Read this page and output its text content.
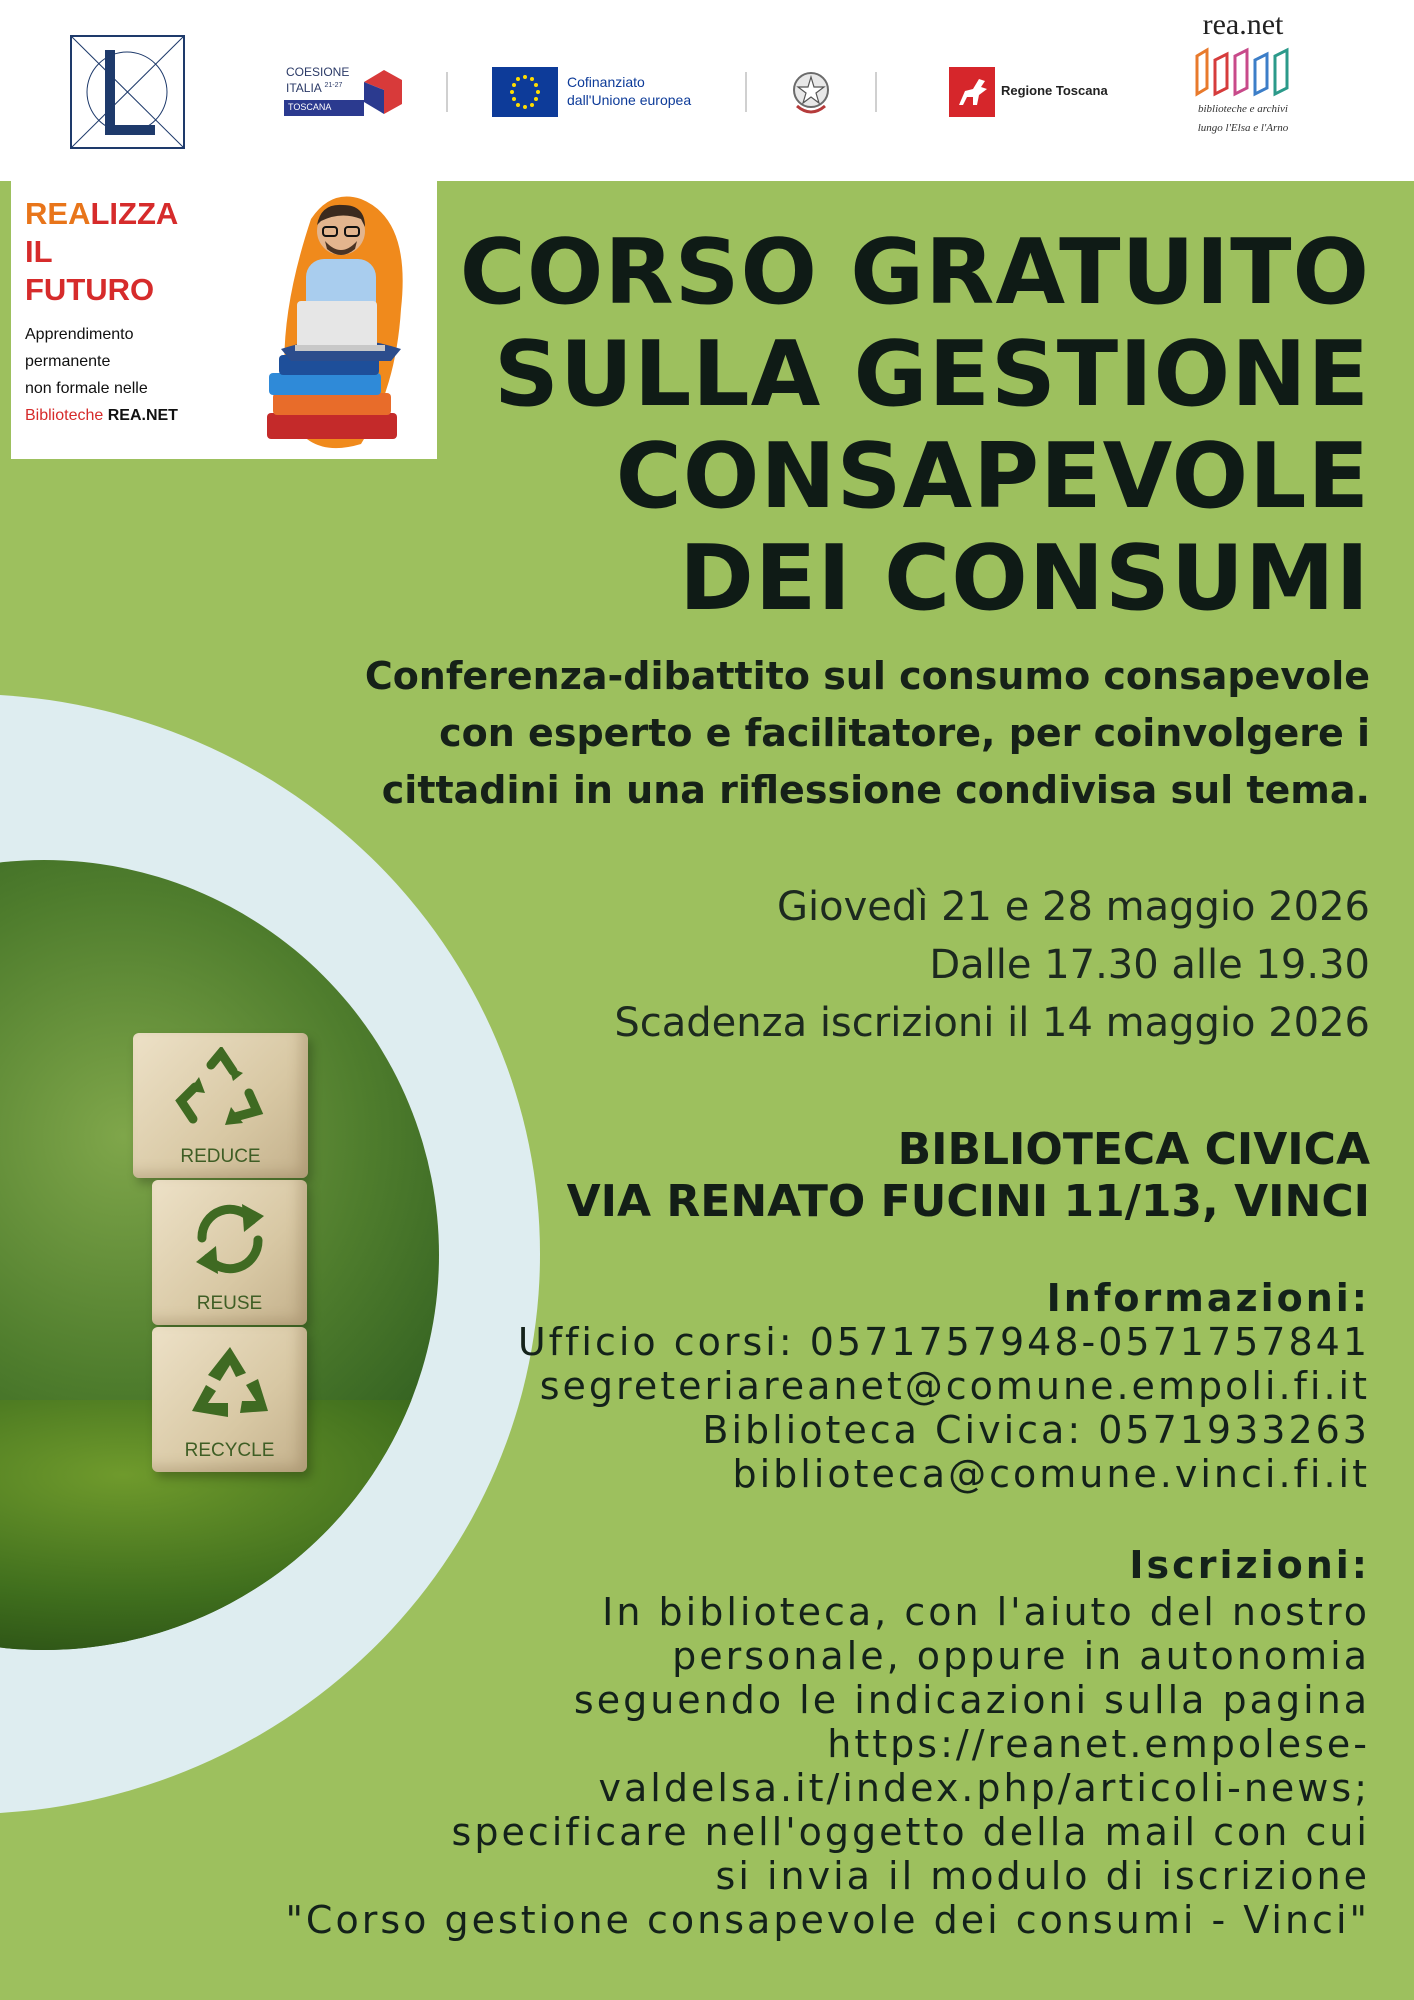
COESIONE
ITALIA $^{21-27}$
TOSCANA
Cofinanziato
dall'Unione europea
Regione Toscana
rea.net
biblioteche e archivi
lungo l'Elsa e l'Arno
REALIZZA
IL
FUTURO
Apprendimento
permanente
non formale nelle
Biblioteche REA.NET
REDUCE
REUSE
RECYCLE
CORSO GRATUITO
SULLA GESTIONE
CONSAPEVOLE
DEI CONSUMI
Conferenza-dibattito sul consumo consapevole
con esperto e facilitatore, per coinvolgere i
cittadini in una riflessione condivisa sul tema.
Giovedì 21 e 28 maggio 2026
Dalle 17.30 alle 19.30
Scadenza iscrizioni il 14 maggio 2026
BIBLIOTECA CIVICA
VIA RENATO FUCINI 11/13, VINCI
Informazioni:
Ufficio corsi: 0571757948-0571757841
segreteriareanet@comune.empoli.fi.it
Biblioteca Civica: 0571933263
biblioteca@comune.vinci.fi.it
Iscrizioni:
In biblioteca, con l'aiuto del nostro
personale, oppure in autonomia
seguendo le indicazioni sulla pagina
https://reanet.empolese-
valdelsa.it/index.php/articoli-news;
specificare nell'oggetto della mail con cui
si invia il modulo di iscrizione
"Corso gestione consapevole dei consumi - Vinci"
